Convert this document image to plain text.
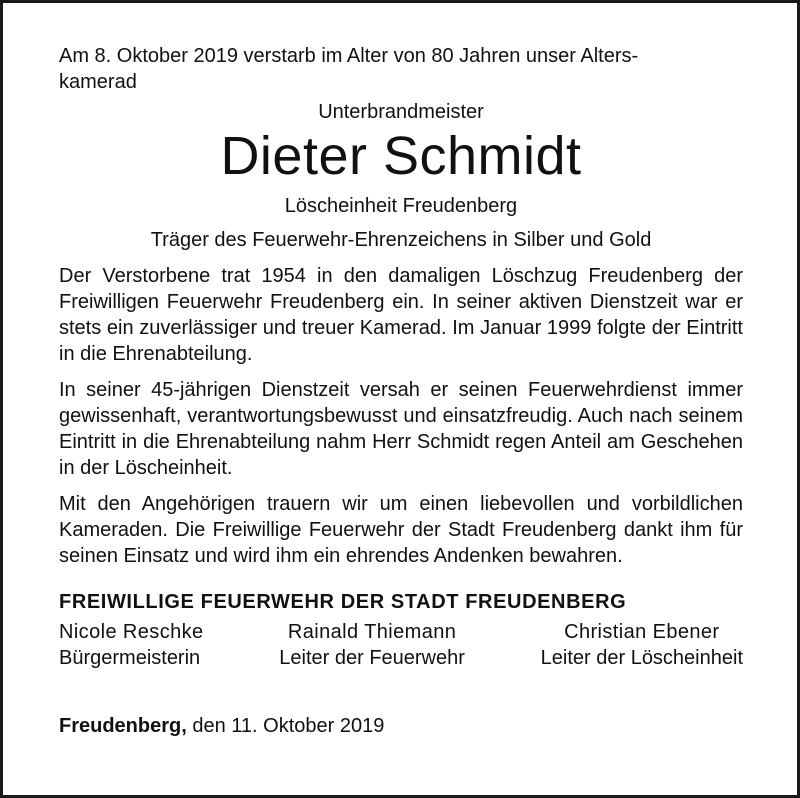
Am 8. Oktober 2019 verstarb im Alter von 80 Jahren unser Alters-
kamerad

Unterbrandmeister

Dieter Schmidt

Löscheinheit Freudenberg

Träger des Feuerwehr-Ehrenzeichens in Silber und Gold

Der Verstorbene trat 1954 in den damaligen Löschzug Freudenberg der Freiwilligen Feuerwehr Freudenberg ein. In seiner aktiven Dienstzeit war er stets ein zuverlässiger und treuer Kamerad. Im Januar 1999 folgte der Eintritt in die Ehrenabteilung.

In seiner 45-jährigen Dienstzeit versah er seinen Feuerwehrdienst immer gewissenhaft, verantwortungsbewusst und einsatzfreudig. Auch nach seinem Eintritt in die Ehrenabteilung nahm Herr Schmidt regen Anteil am Geschehen in der Löscheinheit.

Mit den Angehörigen trauern wir um einen liebevollen und vorbildlichen Kameraden. Die Freiwillige Feuerwehr der Stadt Freudenberg dankt ihm für seinen Einsatz und wird ihm ein ehrendes Andenken bewahren.

FREIWILLIGE FEUERWEHR DER STADT FREUDENBERG

Nicole Reschke
Bürgermeisterin
Rainald Thiemann
Leiter der Feuerwehr
Christian Ebener
Leiter der Löscheinheit

Freudenberg, den 11. Oktober 2019
